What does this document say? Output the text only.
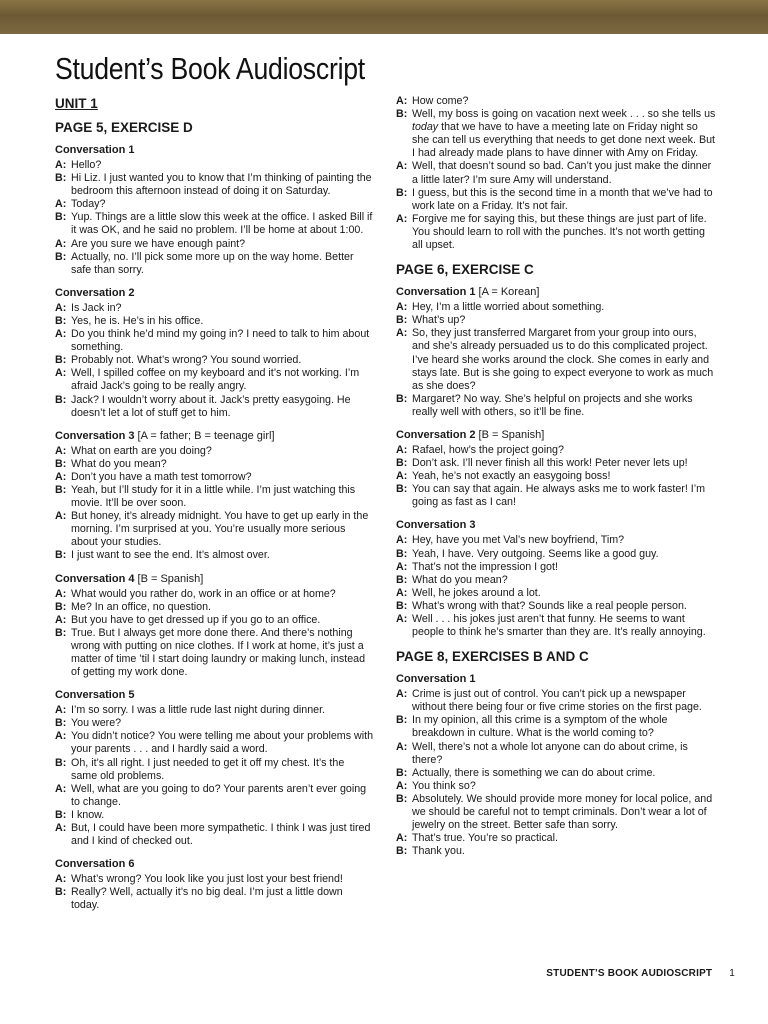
Student’s Book Audioscript
UNIT 1
PAGE 5, EXERCISE D
Conversation 1
A: Hello?
B: Hi Liz. I just wanted you to know that I’m thinking of painting the bedroom this afternoon instead of doing it on Saturday.
A: Today?
B: Yup. Things are a little slow this week at the office. I asked Bill if it was OK, and he said no problem. I’ll be home at about 1:00.
A: Are you sure we have enough paint?
B: Actually, no. I’ll pick some more up on the way home. Better safe than sorry.
Conversation 2
A: Is Jack in?
B: Yes, he is. He’s in his office.
A: Do you think he’d mind my going in? I need to talk to him about something.
B: Probably not. What’s wrong? You sound worried.
A: Well, I spilled coffee on my keyboard and it’s not working. I’m afraid Jack’s going to be really angry.
B: Jack? I wouldn’t worry about it. Jack’s pretty easygoing. He doesn’t let a lot of stuff get to him.
Conversation 3 [A = father; B = teenage girl]
A: What on earth are you doing?
B: What do you mean?
A: Don’t you have a math test tomorrow?
B: Yeah, but I’ll study for it in a little while. I’m just watching this movie. It’ll be over soon.
A: But honey, it’s already midnight. You have to get up early in the morning. I’m surprised at you. You’re usually more serious about your studies.
B: I just want to see the end. It’s almost over.
Conversation 4 [B = Spanish]
A: What would you rather do, work in an office or at home?
B: Me? In an office, no question.
A: But you have to get dressed up if you go to an office.
B: True. But I always get more done there. And there’s nothing wrong with putting on nice clothes. If I work at home, it’s just a matter of time ’til I start doing laundry or making lunch, instead of getting my work done.
Conversation 5
A: I’m so sorry. I was a little rude last night during dinner.
B: You were?
A: You didn’t notice? You were telling me about your problems with your parents . . . and I hardly said a word.
B: Oh, it’s all right. I just needed to get it off my chest. It’s the same old problems.
A: Well, what are you going to do? Your parents aren’t ever going to change.
B: I know.
A: But, I could have been more sympathetic. I think I was just tired and I kind of checked out.
Conversation 6
A: What’s wrong? You look like you just lost your best friend!
B: Really? Well, actually it’s no big deal. I’m just a little down today.
A: How come?
B: Well, my boss is going on vacation next week . . . so she tells us today that we have to have a meeting late on Friday night so she can tell us everything that needs to get done next week. But I had already made plans to have dinner with Amy on Friday.
A: Well, that doesn’t sound so bad. Can’t you just make the dinner a little later? I’m sure Amy will understand.
B: I guess, but this is the second time in a month that we’ve had to work late on a Friday. It’s not fair.
A: Forgive me for saying this, but these things are just part of life. You should learn to roll with the punches. It’s not worth getting all upset.
PAGE 6, EXERCISE C
Conversation 1 [A = Korean]
A: Hey, I’m a little worried about something.
B: What’s up?
A: So, they just transferred Margaret from your group into ours, and she’s already persuaded us to do this complicated project. I’ve heard she works around the clock. She comes in early and stays late. But is she going to expect everyone to work as much as she does?
B: Margaret? No way. She’s helpful on projects and she works really well with others, so it’ll be fine.
Conversation 2 [B = Spanish]
A: Rafael, how’s the project going?
B: Don’t ask. I’ll never finish all this work! Peter never lets up!
A: Yeah, he’s not exactly an easygoing boss!
B: You can say that again. He always asks me to work faster! I’m going as fast as I can!
Conversation 3
A: Hey, have you met Val’s new boyfriend, Tim?
B: Yeah, I have. Very outgoing. Seems like a good guy.
A: That’s not the impression I got!
B: What do you mean?
A: Well, he jokes around a lot.
B: What’s wrong with that? Sounds like a real people person.
A: Well . . . his jokes just aren’t that funny. He seems to want people to think he’s smarter than they are. It’s really annoying.
PAGE 8, EXERCISES B AND C
Conversation 1
A: Crime is just out of control. You can’t pick up a newspaper without there being four or five crime stories on the first page.
B: In my opinion, all this crime is a symptom of the whole breakdown in culture. What is the world coming to?
A: Well, there’s not a whole lot anyone can do about crime, is there?
B: Actually, there is something we can do about crime.
A: You think so?
B: Absolutely. We should provide more money for local police, and we should be careful not to tempt criminals. Don’t wear a lot of jewelry on the street. Better safe than sorry.
A: That’s true. You’re so practical.
B: Thank you.
STUDENT’S BOOK AUDIOSCRIPT 1
